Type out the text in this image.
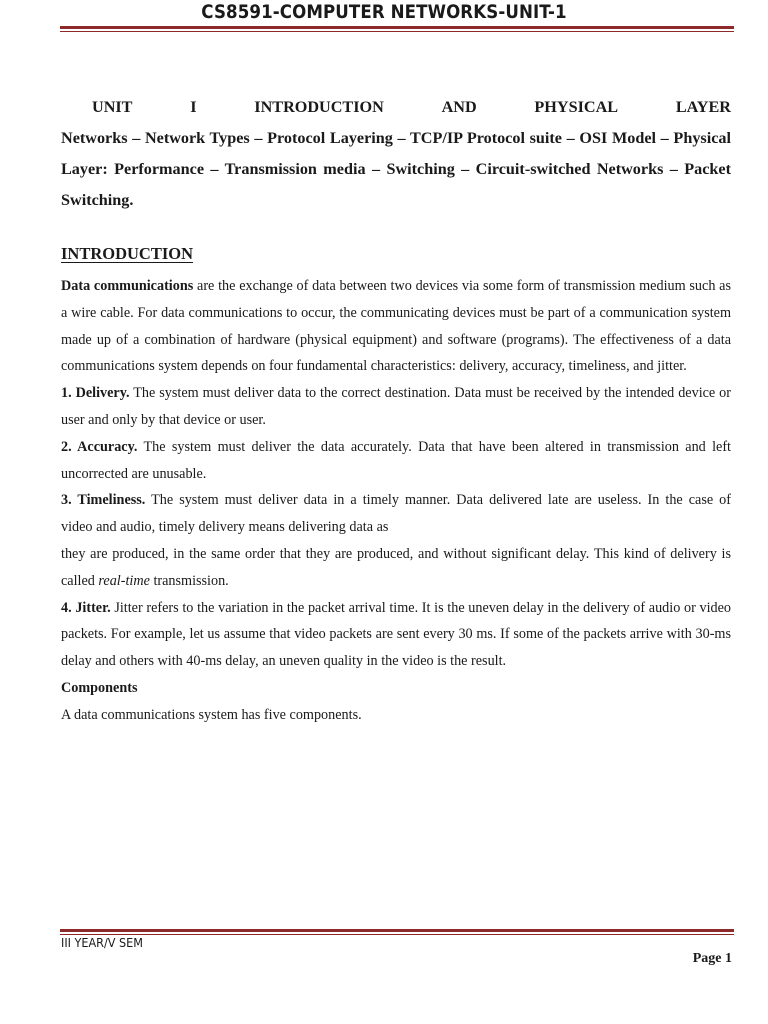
CS8591-COMPUTER NETWORKS-UNIT-1
UNIT	I	INTRODUCTION	AND	PHYSICAL	LAYER
Networks – Network Types – Protocol Layering – TCP/IP Protocol suite – OSI Model – Physical Layer: Performance – Transmission media – Switching – Circuit-switched Networks – Packet Switching.
INTRODUCTION

Data communications are the exchange of data between two devices via some form of transmission medium such as a wire cable. For data communications to occur, the communicating devices must be part of a communication system made up of a combination of hardware (physical equipment) and software (programs). The effectiveness of a data communications system depends on four fundamental characteristics: delivery, accuracy, timeliness, and jitter.

1. Delivery. The system must deliver data to the correct destination. Data must be received by the intended device or user and only by that device or user.

2. Accuracy. The system must deliver the data accurately. Data that have been altered in transmission and left uncorrected are unusable.

3. Timeliness. The system must deliver data in a timely manner. Data delivered late are useless. In the case of

video and audio, timely delivery means delivering data as

they are produced, in the same order that they are produced, and without significant delay. This kind of delivery is called real-time transmission.

4. Jitter. Jitter refers to the variation in the packet arrival time. It is the uneven delay in the delivery of audio or video packets. For example, let us assume that video packets are sent every 30 ms. If some of the packets arrive with 30-ms delay and others with 40-ms delay, an uneven quality in the video is the result.

Components

A data communications system has five components.

III YEAR/V SEM
Page 1
